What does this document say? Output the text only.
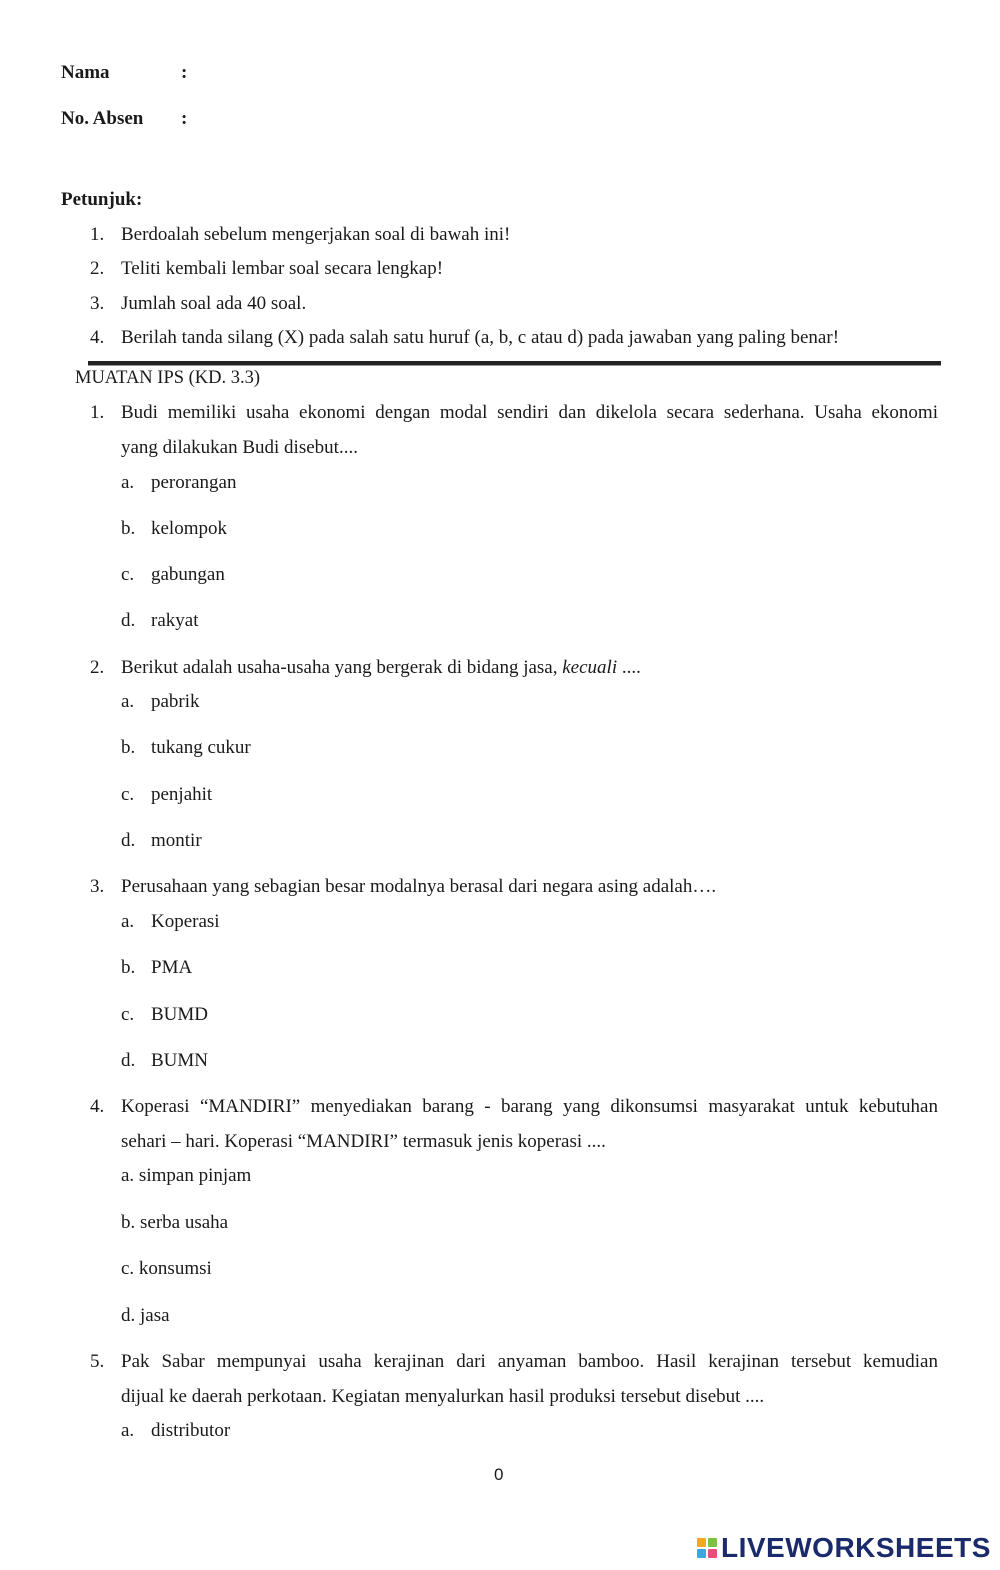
Nama	:
No. Absen :
Petunjuk:
1. Berdoalah sebelum mengerjakan soal di bawah ini!
2. Teliti kembali lembar soal secara lengkap!
3. Jumlah soal ada 40 soal.
4. Berilah tanda silang (X) pada salah satu huruf (a, b, c atau d) pada jawaban yang paling benar!
MUATAN IPS (KD. 3.3)
1. Budi memiliki usaha ekonomi dengan modal sendiri dan dikelola secara sederhana. Usaha ekonomi
yang dilakukan Budi disebut....
a. perorangan
b. kelompok
c. gabungan
d. rakyat
2. Berikut adalah usaha-usaha yang bergerak di bidang jasa, kecuali ....
a. pabrik
b. tukang cukur
c. penjahit
d. montir
3. Perusahaan yang sebagian besar modalnya berasal dari negara asing adalah….
a. Koperasi
b. PMA
c. BUMD
d. BUMN
4. Koperasi “MANDIRI” menyediakan barang - barang yang dikonsumsi masyarakat untuk kebutuhan
sehari – hari. Koperasi “MANDIRI” termasuk jenis koperasi ....
a. simpan pinjam
b. serba usaha
c. konsumsi
d. jasa
5. Pak Sabar mempunyai usaha kerajinan dari anyaman bamboo. Hasil kerajinan tersebut kemudian
dijual ke daerah perkotaan. Kegiatan menyalurkan hasil produksi tersebut disebut ....
a. distributor
0
LIVEWORKSHEETS
